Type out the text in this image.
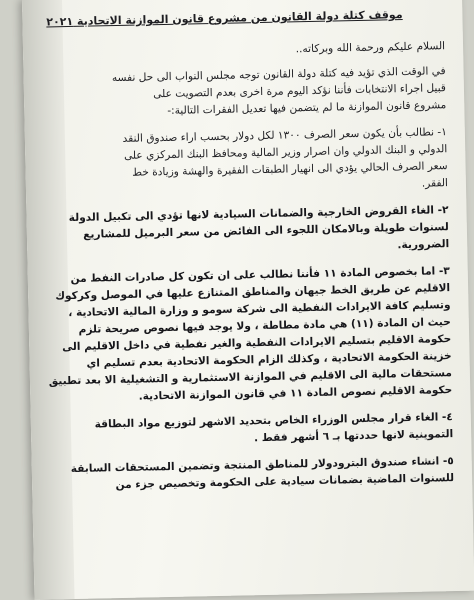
موقف كتلة دولة القانون من مشروع قانون الموازنة الاتحادية ٢٠٢١
السلام عليكم ورحمة الله وبركاته..

في الوقت الذي تؤيد فيه كتلة دولة القانون توجه مجلس النواب الى حل نفسه
قبيل اجراء الانتخابات فأننا نؤكد اليوم مرة اخرى بعدم التصويت على
مشروع قانون الموازنة ما لم يتضمن فيها تعديل الفقرات التالية:-

١- نطالب بأن يكون سعر الصرف ١٣٠٠ لكل دولار بحسب اراء صندوق النقد
الدولي و البنك الدولي وان اصرار وزير المالية ومحافظ البنك المركزي على
سعر الصرف الحالي يؤدي الى انهيار الطبقات الفقيرة والهشة وزيادة خط
الفقر.

٢- الغاء القروض الخارجية والضمانات السيادية لانها تؤدي الى تكبيل الدولة
لسنوات طويلة وبالامكان اللجوء الى الفائض من سعر البرميل للمشاريع
الضرورية.

٣- اما بخصوص المادة ١١ فأننا نطالب على ان تكون كل صادرات النفط من
الاقليم عن طريق الخط جيهان والمناطق المتنازع عليها في الموصل وكركوك
وتسليم كافة الايرادات النفطية الى شركة سومو و وزارة المالية الاتحادية ،
حيث ان المادة (١١) هي مادة مطاطة ، ولا يوجد فيها نصوص صريحة تلزم
حكومة الاقليم بتسليم الايرادات النفطية والغير نفطية في داخل الاقليم الى
خزينة الحكومة الاتحادية ، وكذلك الزام الحكومة الاتحادية بعدم تسليم اي
مستحقات مالية الى الاقليم في الموازنة الاستثمارية و التشغيلية الا بعد تطبيق
حكومة الاقليم نصوص المادة ١١ في قانون الموازنة الاتحادية.

٤- الغاء قرار مجلس الوزراء الخاص بتحديد الاشهر لتوزيع مواد البطاقة
التموينية لانها حددتها بـ ٦ أشهر فقط .

٥- انشاء صندوق البترودولار للمناطق المنتجة وتضمين المستحقات السابقة
للسنوات الماضية بضمانات سيادية على الحكومة وتخصيص جزء من
